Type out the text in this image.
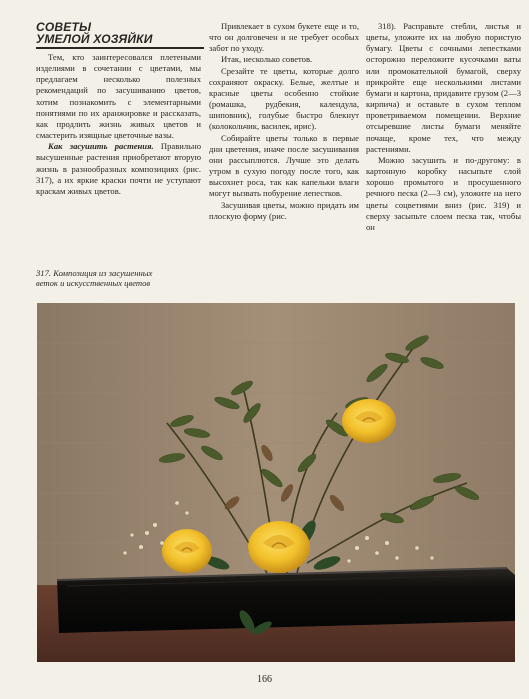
СОВЕТЫ
УМЕЛОЙ ХОЗЯЙКИ

Тем, кто заинтересовался плетеными изделиями в сочетании с цветами, мы предлагаем несколько полезных рекомендаций по засушиванию цветов, хотим познакомить с элементарными понятиями по их аранжировке и рассказать, как продлить жизнь живых цветов и смастерить изящные цветочные вазы.

Как засушить растения. Правильно высушенные растения приобретают вторую жизнь в разнообразных композициях (рис. 317), а их яркие краски почти не уступают краскам живых цветов.

Привлекает в сухом букете еще и то, что он долговечен и не требует особых забот по уходу.

Итак, несколько советов.

Срезайте те цветы, которые долго сохраняют окраску. Белые, желтые и красные цветы особенно стойкие (ромашка, рудбекия, календула, шиповник), голубые быстро блекнут (колокольчик, василек, ирис).

Собирайте цветы только в первые дни цветения, иначе после засушивания они рассыплются. Лучше это делать утром в сухую погоду после того, как высохнет роса, так как капельки влаги могут вызвать побурение лепестков.

Засушивая цветы, можно придать им плоскую форму (рис.

318). Расправьте стебли, листья и цветы, уложите их на любую пористую бумагу. Цветы с сочными лепестками осторожно переложите кусочками ваты или промокательной бумагой, сверху прикройте еще несколькими листами бумаги и картона, придавите грузом (2—3 кирпича) и оставьте в сухом теплом проветриваемом помещении. Верхние отсыревшие листы бумаги меняйте почаще, кроме тех, что между растениями.

Можно засушить и по-другому: в картонную коробку насыпьте слой хорошо промытого и просушенного речного песка (2—3 см), уложите на него цветы соцветиями вниз (рис. 319) и сверху засыпьте слоем песка так, чтобы он

317. Композиция из засушенных
веток и искусственных цветов
166
